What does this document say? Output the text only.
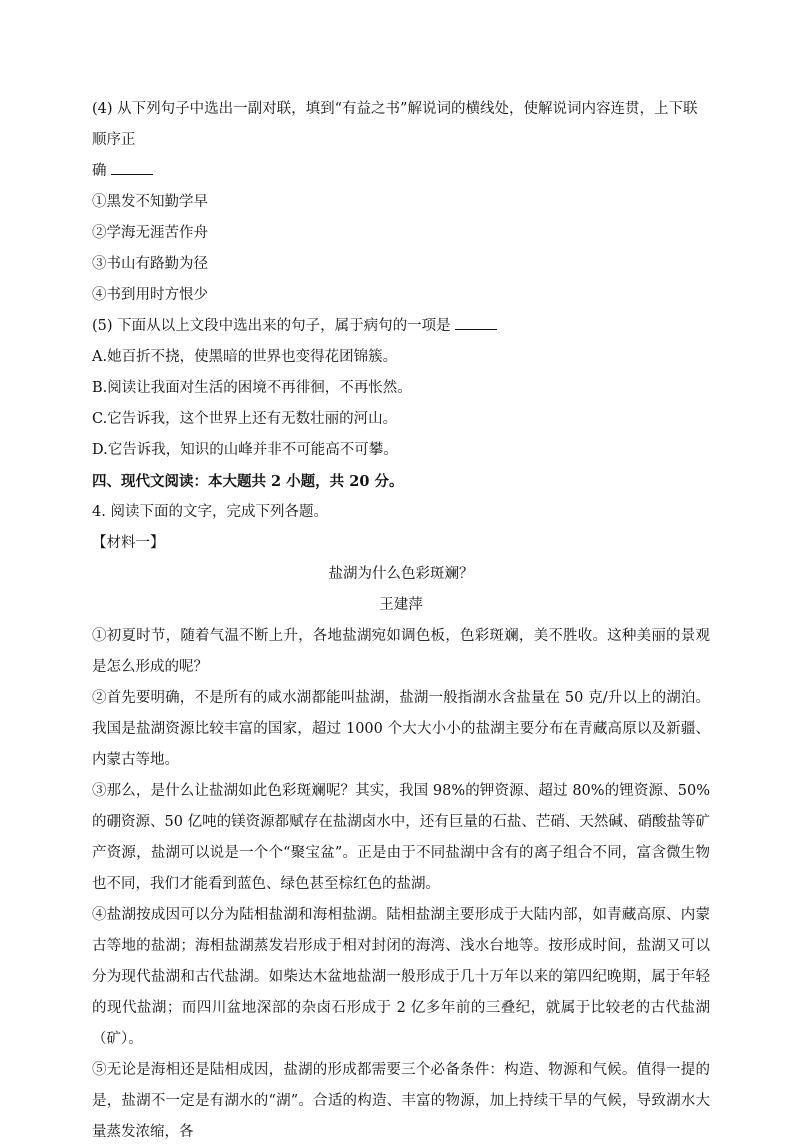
(4) 从下列句子中选出一副对联，填到“有益之书”解说词的横线处，使解说词内容连贯，上下联顺序正

确

①黑发不知勤学早

②学海无涯苦作舟

③书山有路勤为径

④书到用时方恨少

(5) 下面从以上文段中选出来的句子，属于病句的一项是

A.她百折不挠，使黑暗的世界也变得花团锦簇。

B.阅读让我面对生活的困境不再徘徊，不再怅然。

C.它告诉我，这个世界上还有无数壮丽的河山。

D.它告诉我，知识的山峰并非不可能高不可攀。

四、现代文阅读：本大题共 2 小题，共 20 分。

4. 阅读下面的文字，完成下列各题。

【材料一】

盐湖为什么色彩斑斓？

王建萍

①初夏时节，随着气温不断上升，各地盐湖宛如调色板，色彩斑斓，美不胜收。这种美丽的景观是怎么形成的呢？

②首先要明确，不是所有的咸水湖都能叫盐湖，盐湖一般指湖水含盐量在 50 克/升以上的湖泊。我国是盐湖资源比较丰富的国家，超过 1000 个大大小小的盐湖主要分布在青藏高原以及新疆、内蒙古等地。

③那么，是什么让盐湖如此色彩斑斓呢？其实，我国 98%的钾资源、超过 80%的锂资源、50%的硼资源、50 亿吨的镁资源都赋存在盐湖卤水中，还有巨量的石盐、芒硝、天然碱、硝酸盐等矿产资源，盐湖可以说是一个个“聚宝盆”。正是由于不同盐湖中含有的离子组合不同，富含微生物也不同，我们才能看到蓝色、绿色甚至棕红色的盐湖。

④盐湖按成因可以分为陆相盐湖和海相盐湖。陆相盐湖主要形成于大陆内部，如青藏高原、内蒙古等地的盐湖；海相盐湖蒸发岩形成于相对封闭的海湾、浅水台地等。按形成时间，盐湖又可以分为现代盐湖和古代盐湖。如柴达木盆地盐湖一般形成于几十万年以来的第四纪晚期，属于年轻的现代盐湖；而四川盆地深部的杂卤石形成于 2 亿多年前的三叠纪，就属于比较老的古代盐湖（矿）。

⑤无论是海相还是陆相成因，盐湖的形成都需要三个必备条件：构造、物源和气候。值得一提的是，盐湖不一定是有湖水的“湖”。合适的构造、丰富的物源，加上持续干旱的气候，导致湖水大量蒸发浓缩，各
